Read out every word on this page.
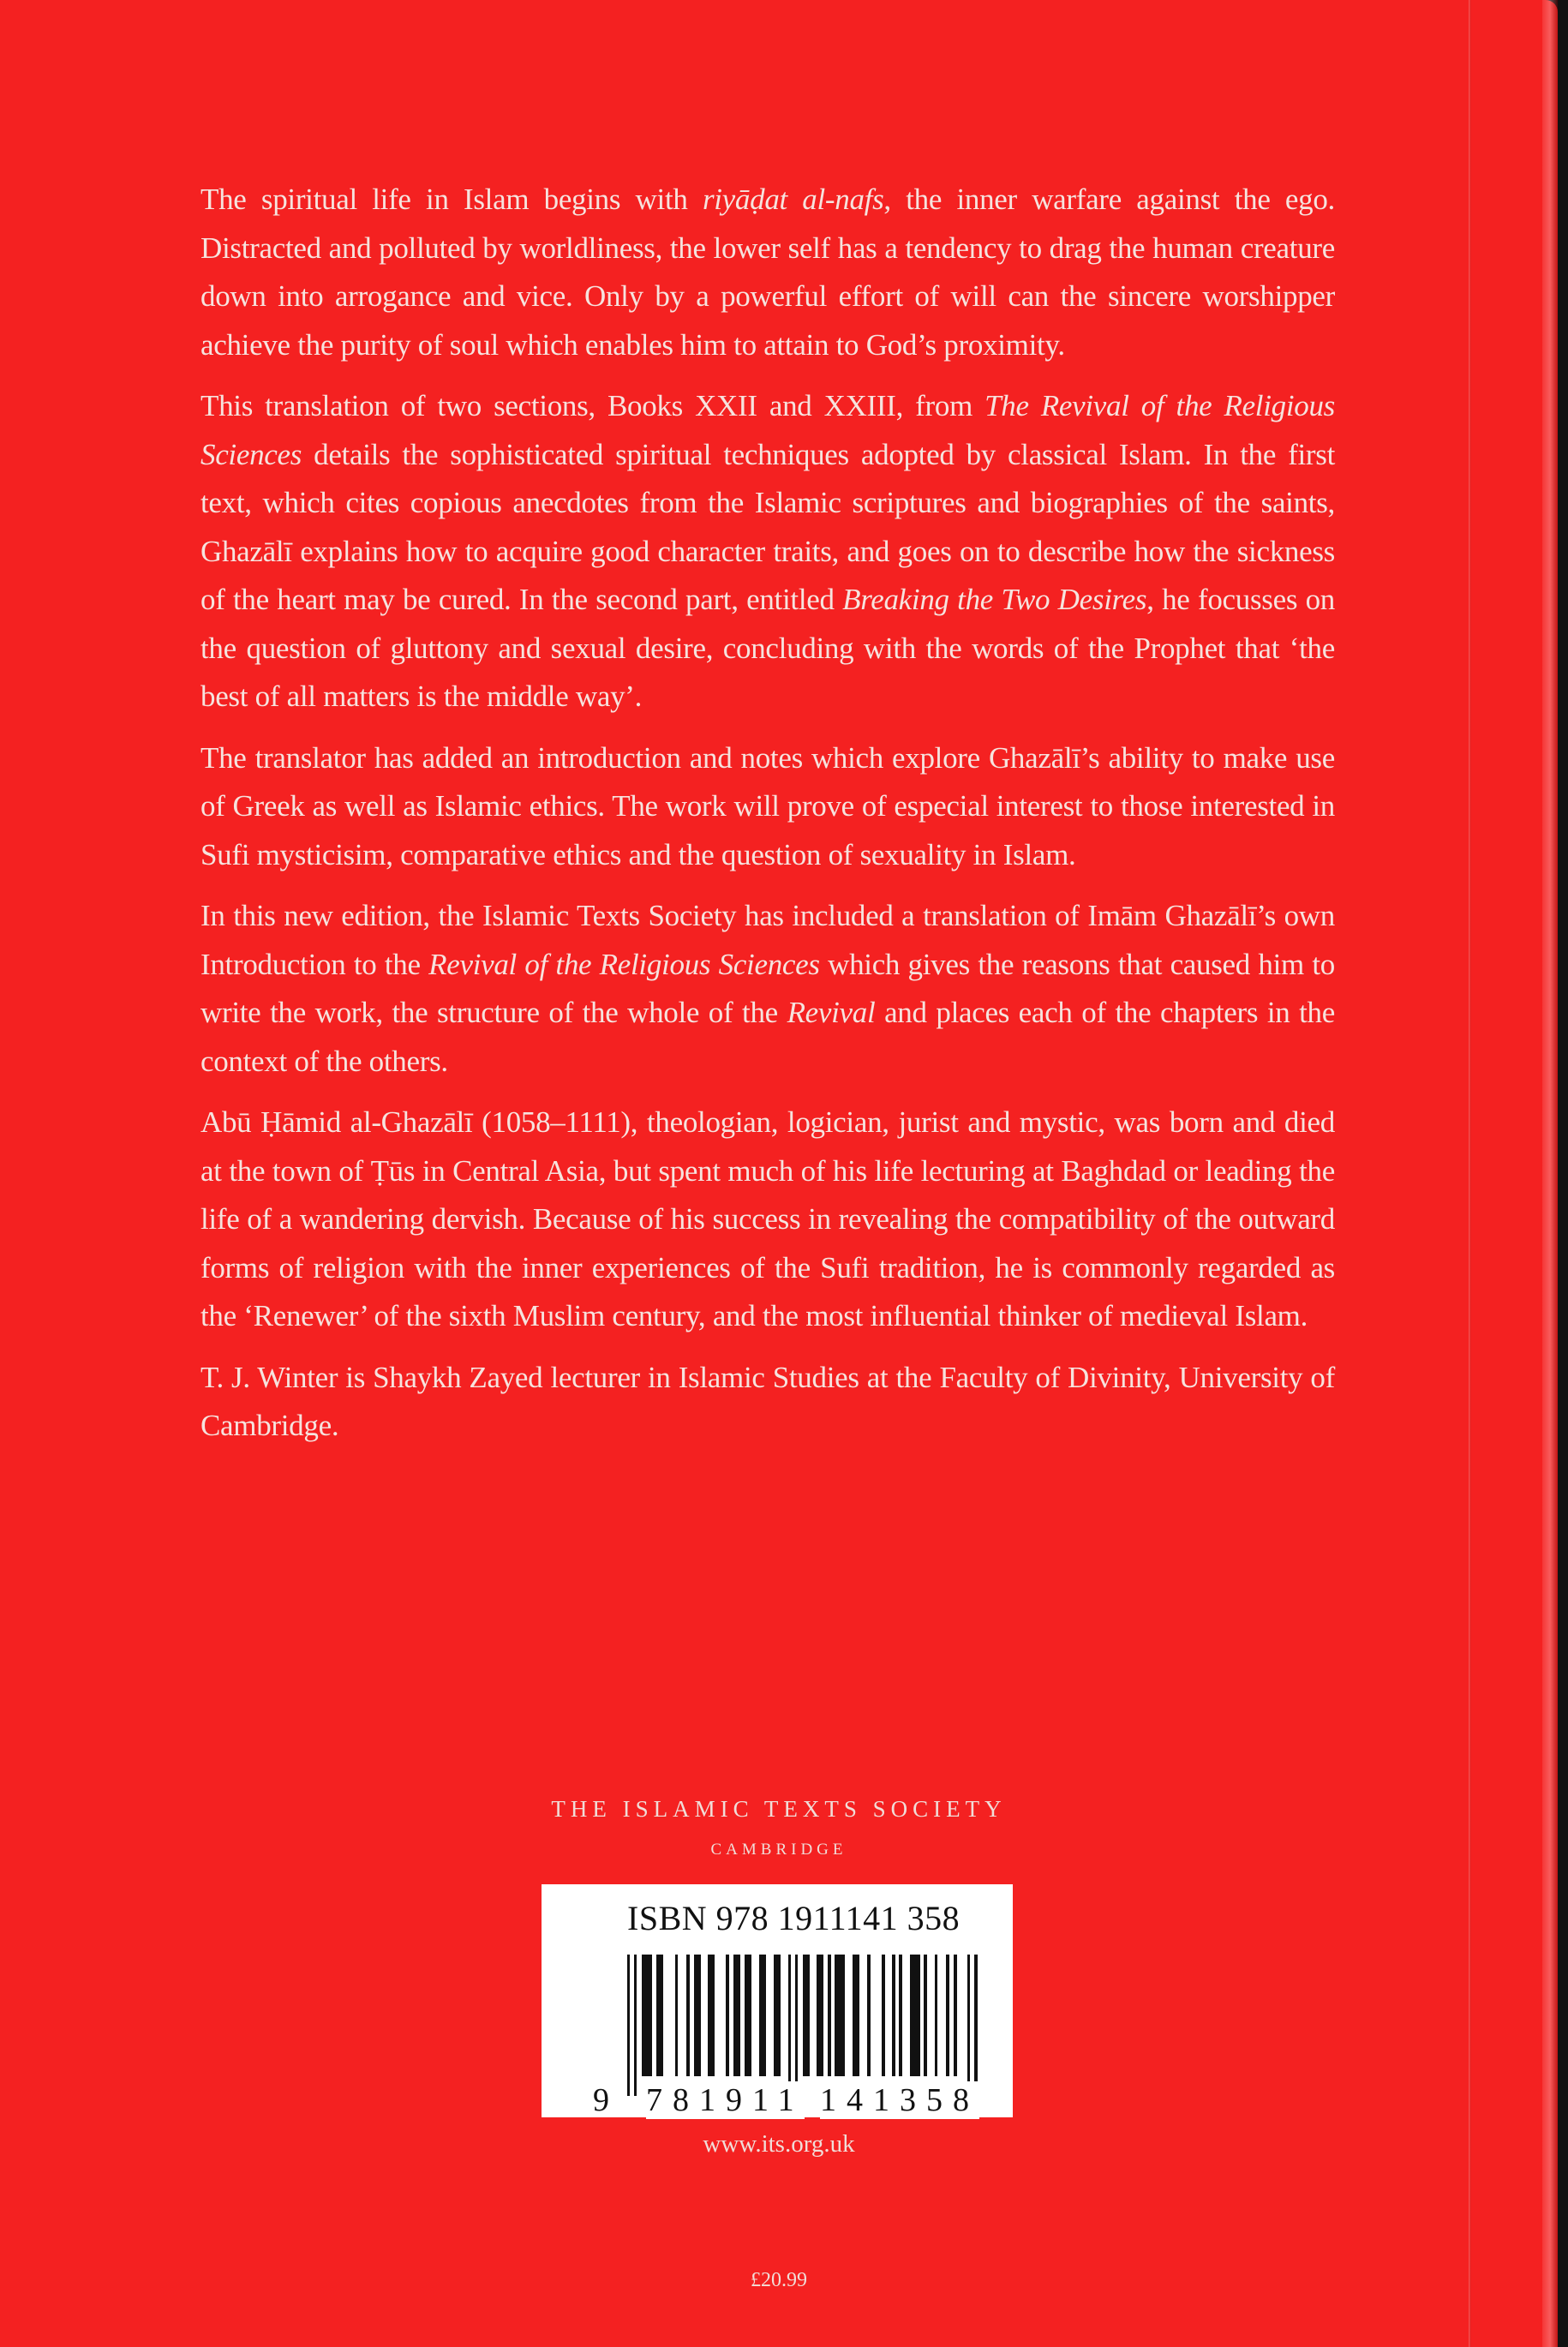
The spiritual life in Islam begins with riyāḍat al-nafs, the inner warfare against the ego. Distracted and polluted by worldliness, the lower self has a tendency to drag the human creature down into arrogance and vice. Only by a powerful effort of will can the sincere worshipper achieve the purity of soul which enables him to attain to God’s proximity.

This translation of two sections, Books XXII and XXIII, from The Revival of the Religious Sciences details the sophisticated spiritual techniques adopted by classical Islam. In the first text, which cites copious anecdotes from the Islamic scriptures and biographies of the saints, Ghazālī explains how to acquire good character traits, and goes on to describe how the sickness of the heart may be cured. In the second part, entitled Breaking the Two Desires, he focusses on the question of gluttony and sexual desire, concluding with the words of the Prophet that ‘the best of all matters is the middle way’.

The translator has added an introduction and notes which explore Ghazālī’s ability to make use of Greek as well as Islamic ethics. The work will prove of especial interest to those interested in Sufi mysticisim, comparative ethics and the question of sexuality in Islam.

In this new edition, the Islamic Texts Society has included a translation of Imām Ghazālī’s own Introduction to the Revival of the Religious Sciences which gives the reasons that caused him to write the work, the structure of the whole of the Revival and places each of the chapters in the context of the others.

Abū Ḥāmid al-Ghazālī (1058–1111), theologian, logician, jurist and mystic, was born and died at the town of Ṭūs in Central Asia, but spent much of his life lecturing at Baghdad or leading the life of a wandering dervish. Because of his success in revealing the compatibility of the outward forms of religion with the inner experiences of the Sufi tradition, he is commonly regarded as the ‘Renewer’ of the sixth Muslim century, and the most influential thinker of medieval Islam.

T. J. Winter is Shaykh Zayed lecturer in Islamic Studies at the Faculty of Divinity, University of Cambridge.

THE ISLAMIC TEXTS SOCIETY
CAMBRIDGE
ISBN 978 1911141 358
9 781911 141358
www.its.org.uk
£20.99
